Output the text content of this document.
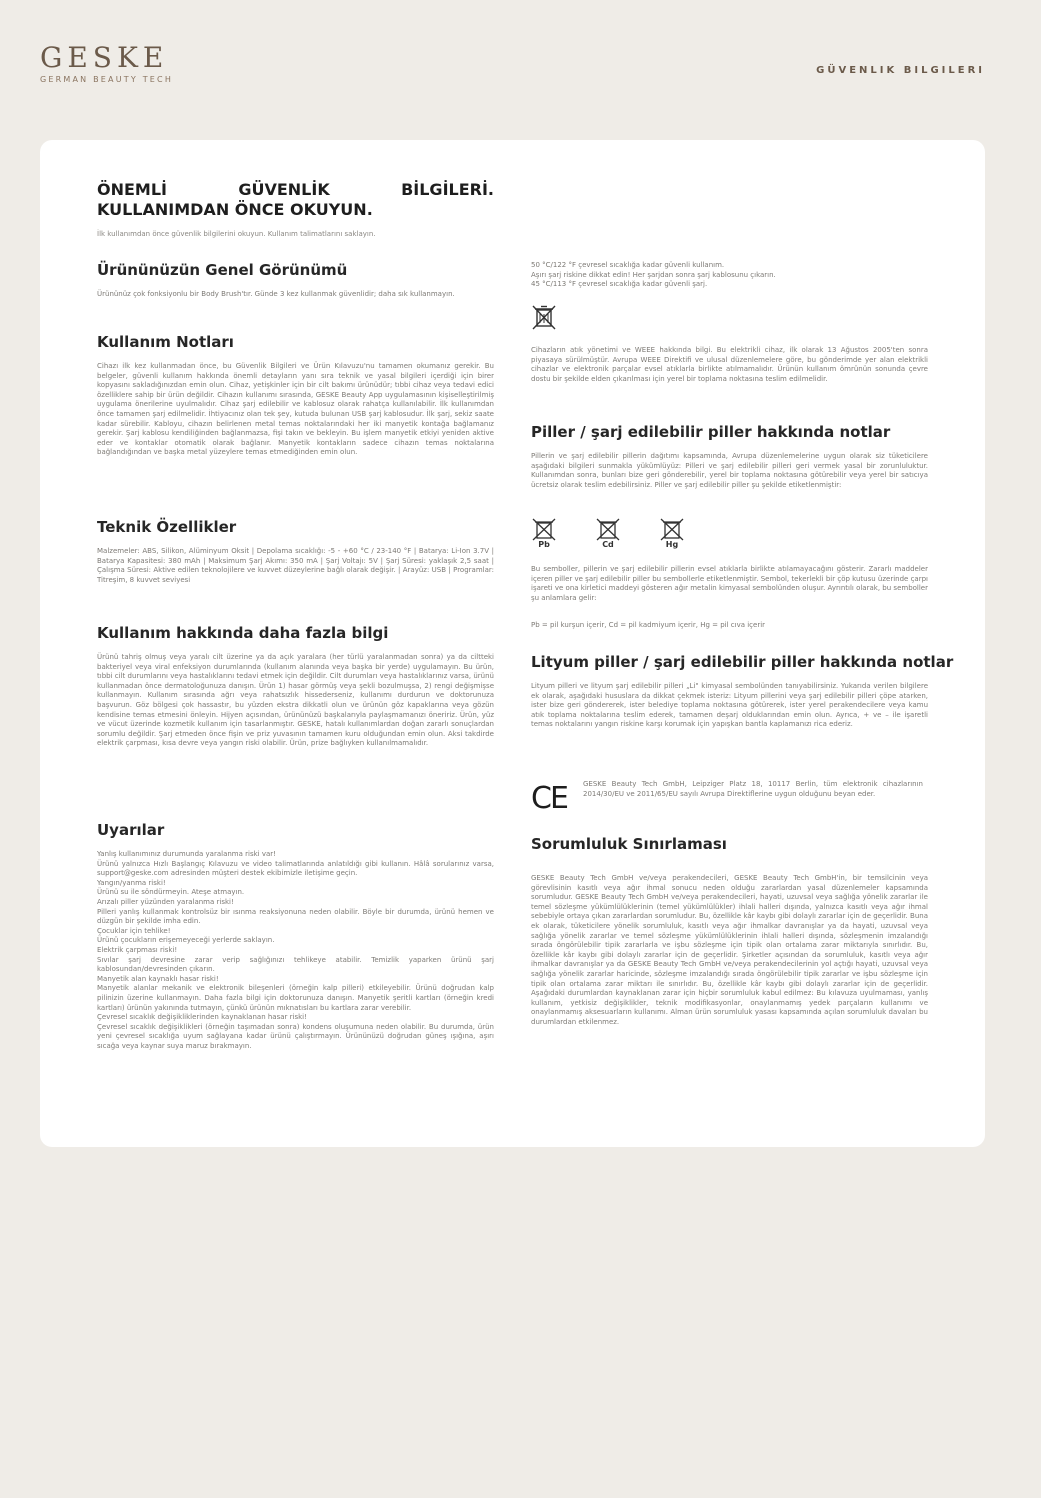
GESKE
GERMAN BEAUTY TECH
GÜVENLIK BILGILERI
ÖNEMLİ GÜVENLİK BİLGİLERİ. KULLANIMDAN ÖNCE OKUYUN.
İlk kullanımdan önce güvenlik bilgilerini okuyun. Kullanım talimatlarını saklayın.
Ürününüzün Genel Görünümü

Ürününüz çok fonksiyonlu bir Body Brush'tır. Günde 3 kez kullanmak güvenlidir; daha sık kullanmayın.

Kullanım Notları

Cihazı ilk kez kullanmadan önce, bu Güvenlik Bilgileri ve Ürün Kılavuzu'nu tamamen okumanız gerekir. Bu belgeler, güvenli kullanım hakkında önemli detayların yanı sıra teknik ve yasal bilgileri içerdiği için birer kopyasını sakladığınızdan emin olun. Cihaz, yetişkinler için bir cilt bakımı ürünüdür; tıbbi cihaz veya tedavi edici özelliklere sahip bir ürün değildir. Cihazın kullanımı sırasında, GESKE Beauty App uygulamasının kişiselleştirilmiş uygulama önerilerine uyulmalıdır. Cihaz şarj edilebilir ve kablosuz olarak rahatça kullanılabilir. İlk kullanımdan önce tamamen şarj edilmelidir. İhtiyacınız olan tek şey, kutuda bulunan USB şarj kablosudur. İlk şarj, sekiz saate kadar sürebilir. Kabloyu, cihazın belirlenen metal temas noktalarındaki her iki manyetik kontağa bağlamanız gerekir. Şarj kablosu kendiliğinden bağlanmazsa, fişi takın ve bekleyin. Bu işlem manyetik etkiyi yeniden aktive eder ve kontaklar otomatik olarak bağlanır. Manyetik kontakların sadece cihazın temas noktalarına bağlandığından ve başka metal yüzeylere temas etmediğinden emin olun.

Teknik Özellikler

Malzemeler: ABS, Silikon, Alüminyum Oksit | Depolama sıcaklığı: -5 - +60 °C / 23-140 °F | Batarya: Li-Ion 3.7V | Batarya Kapasitesi: 380 mAh | Maksimum Şarj Akımı: 350 mA | Şarj Voltajı: 5V | Şarj Süresi: yaklaşık 2,5 saat | Çalışma Süresi: Aktive edilen teknolojilere ve kuvvet düzeylerine bağlı olarak değişir. | Arayüz: USB | Programlar: Titreşim, 8 kuvvet seviyesi

Kullanım hakkında daha fazla bilgi

Ürünü tahriş olmuş veya yaralı cilt üzerine ya da açık yaralara (her türlü yaralanmadan sonra) ya da ciltteki bakteriyel veya viral enfeksiyon durumlarında (kullanım alanında veya başka bir yerde) uygulamayın. Bu ürün, tıbbi cilt durumlarını veya hastalıklarını tedavi etmek için değildir. Cilt durumları veya hastalıklarınız varsa, ürünü kullanmadan önce dermatoloğunuza danışın. Ürün 1) hasar görmüş veya şekli bozulmuşsa, 2) rengi değişmişse kullanmayın. Kullanım sırasında ağrı veya rahatsızlık hissederseniz, kullanımı durdurun ve doktorunuza başvurun. Göz bölgesi çok hassastır, bu yüzden ekstra dikkatli olun ve ürünün göz kapaklarına veya gözün kendisine temas etmesini önleyin. Hijyen açısından, ürününüzü başkalarıyla paylaşmamanızı öneririz. Ürün, yüz ve vücut üzerinde kozmetik kullanım için tasarlanmıştır. GESKE, hatalı kullanımlardan doğan zararlı sonuçlardan sorumlu değildir. Şarj etmeden önce fişin ve priz yuvasının tamamen kuru olduğundan emin olun. Aksi takdirde elektrik çarpması, kısa devre veya yangın riski olabilir. Ürün, prize bağlıyken kullanılmamalıdır.

Uyarılar
Yanlış kullanımınız durumunda yaralanma riski var!
Ürünü yalnızca Hızlı Başlangıç Kılavuzu ve video talimatlarında anlatıldığı gibi kullanın. Hâlâ sorularınız varsa, support@geske.com adresinden müşteri destek ekibimizle iletişime geçin.
Yangın/yanma riski!
Ürünü su ile söndürmeyin. Ateşe atmayın.
Arızalı piller yüzünden yaralanma riski!
Pilleri yanlış kullanmak kontrolsüz bir ısınma reaksiyonuna neden olabilir. Böyle bir durumda, ürünü hemen ve düzgün bir şekilde imha edin.
Çocuklar için tehlike!
Ürünü çocukların erişemeyeceği yerlerde saklayın.
Elektrik çarpması riski!
Sıvılar şarj devresine zarar verip sağlığınızı tehlikeye atabilir. Temizlik yaparken ürünü şarj kablosundan/devresinden çıkarın.
Manyetik alan kaynaklı hasar riski!
Manyetik alanlar mekanik ve elektronik bileşenleri (örneğin kalp pilleri) etkileyebilir. Ürünü doğrudan kalp pilinizin üzerine kullanmayın. Daha fazla bilgi için doktorunuza danışın. Manyetik şeritli kartları (örneğin kredi kartları) ürünün yakınında tutmayın, çünkü ürünün mıknatısları bu kartlara zarar verebilir.
Çevresel sıcaklık değişikliklerinden kaynaklanan hasar riski!
Çevresel sıcaklık değişiklikleri (örneğin taşımadan sonra) kondens oluşumuna neden olabilir. Bu durumda, ürün yeni çevresel sıcaklığa uyum sağlayana kadar ürünü çalıştırmayın. Ürününüzü doğrudan güneş ışığına, aşırı sıcağa veya kaynar suya maruz bırakmayın.
50 °C/122 °F çevresel sıcaklığa kadar güvenli kullanım.
Aşırı şarj riskine dikkat edin! Her şarjdan sonra şarj kablosunu çıkarın.
45 °C/113 °F çevresel sıcaklığa kadar güvenli şarj.

Cihazların atık yönetimi ve WEEE hakkında bilgi. Bu elektrikli cihaz, ilk olarak 13 Ağustos 2005'ten sonra piyasaya sürülmüştür. Avrupa WEEE Direktifi ve ulusal düzenlemelere göre, bu gönderimde yer alan elektrikli cihazlar ve elektronik parçalar evsel atıklarla birlikte atılmamalıdır. Ürünün kullanım ömrünün sonunda çevre dostu bir şekilde elden çıkarılması için yerel bir toplama noktasına teslim edilmelidir.

Piller / şarj edilebilir piller hakkında notlar

Pillerin ve şarj edilebilir pillerin dağıtımı kapsamında, Avrupa düzenlemelerine uygun olarak siz tüketicilere aşağıdaki bilgileri sunmakla yükümlüyüz: Pilleri ve şarj edilebilir pilleri geri vermek yasal bir zorunluluktur. Kullanımdan sonra, bunları bize geri gönderebilir, yerel bir toplama noktasına götürebilir veya yerel bir satıcıya ücretsiz olarak teslim edebilirsiniz. Piller ve şarj edilebilir piller şu şekilde etiketlenmiştir:

Pb	Cd	Hg

Bu semboller, pillerin ve şarj edilebilir pillerin evsel atıklarla birlikte atılamayacağını gösterir. Zararlı maddeler içeren piller ve şarj edilebilir piller bu sembollerle etiketlenmiştir. Sembol, tekerlekli bir çöp kutusu üzerinde çarpı işareti ve ona kirletici maddeyi gösteren ağır metalin kimyasal sembolünden oluşur. Ayrıntılı olarak, bu semboller şu anlamlara gelir:

Pb = pil kurşun içerir, Cd = pil kadmiyum içerir, Hg = pil cıva içerir

Lityum piller / şarj edilebilir piller hakkında notlar

Lityum pilleri ve lityum şarj edilebilir pilleri „Li" kimyasal sembolünden tanıyabilirsiniz. Yukarıda verilen bilgilere ek olarak, aşağıdaki hususlara da dikkat çekmek isteriz: Lityum pillerini veya şarj edilebilir pilleri çöpe atarken, ister bize geri göndererek, ister belediye toplama noktasına götürerek, ister yerel perakendecilere veya kamu atık toplama noktalarına teslim ederek, tamamen deşarj olduklarından emin olun. Ayrıca, + ve – ile işaretli temas noktalarını yangın riskine karşı korumak için yapışkan bantla kaplamanızı rica ederiz.

CE	GESKE Beauty Tech GmbH, Leipziger Platz 18, 10117 Berlin, tüm elektronik cihazlarının 2014/30/EU ve 2011/65/EU sayılı Avrupa Direktiflerine uygun olduğunu beyan eder.
Sorumluluk Sınırlaması

GESKE Beauty Tech GmbH ve/veya perakendecileri, GESKE Beauty Tech GmbH'in, bir temsilcinin veya görevlisinin kasıtlı veya ağır ihmal sonucu neden olduğu zararlardan yasal düzenlemeler kapsamında sorumludur. GESKE Beauty Tech GmbH ve/veya perakendecileri, hayati, uzuvsal veya sağlığa yönelik zararlar ile temel sözleşme yükümlülüklerinin (temel yükümlülükler) ihlali halleri dışında, yalnızca kasıtlı veya ağır ihmal sebebiyle ortaya çıkan zararlardan sorumludur. Bu, özellikle kâr kaybı gibi dolaylı zararlar için de geçerlidir. Buna ek olarak, tüketicilere yönelik sorumluluk, kasıtlı veya ağır ihmalkar davranışlar ya da hayati, uzuvsal veya sağlığa yönelik zararlar ve temel sözleşme yükümlülüklerinin ihlali halleri dışında, sözleşmenin imzalandığı sırada öngörülebilir tipik zararlarla ve işbu sözleşme için tipik olan ortalama zarar miktarıyla sınırlıdır. Bu, özellikle kâr kaybı gibi dolaylı zararlar için de geçerlidir. Şirketler açısından da sorumluluk, kasıtlı veya ağır ihmalkar davranışlar ya da GESKE Beauty Tech GmbH ve/veya perakendecilerinin yol açtığı hayati, uzuvsal veya sağlığa yönelik zararlar haricinde, sözleşme imzalandığı sırada öngörülebilir tipik zararlar ve işbu sözleşme için tipik olan ortalama zarar miktarı ile sınırlıdır. Bu, özellikle kâr kaybı gibi dolaylı zararlar için de geçerlidir. Aşağıdaki durumlardan kaynaklanan zarar için hiçbir sorumluluk kabul edilmez: Bu kılavuza uyulmaması, yanlış kullanım, yetkisiz değişiklikler, teknik modifikasyonlar, onaylanmamış yedek parçaların kullanımı ve onaylanmamış aksesuarların kullanımı. Alman ürün sorumluluk yasası kapsamında açılan sorumluluk davaları bu durumlardan etkilenmez.
